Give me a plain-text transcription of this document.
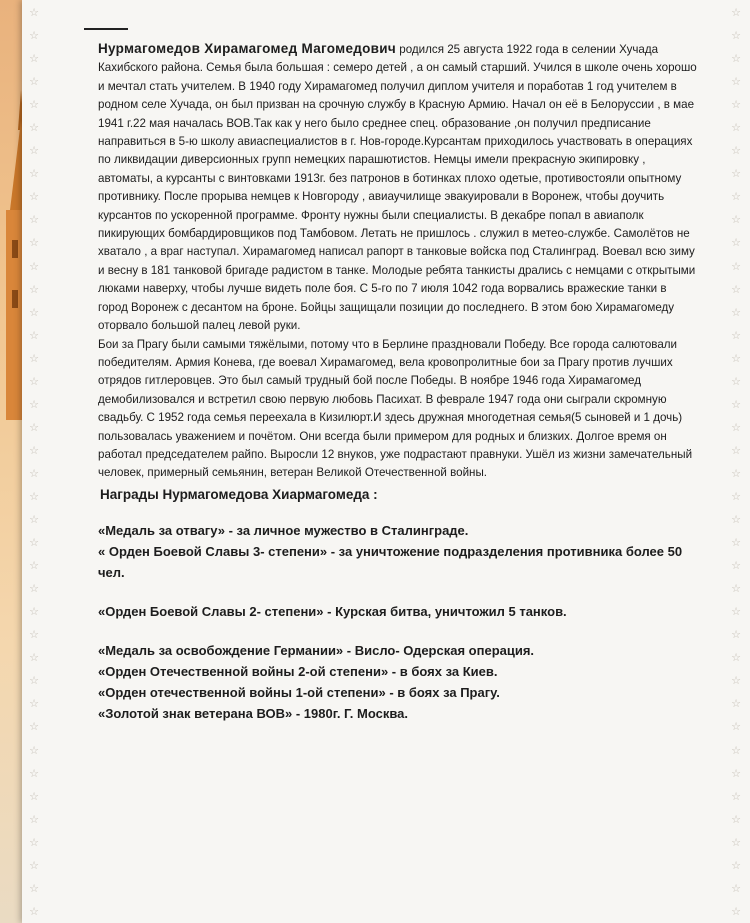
☆
☆
☆
☆
☆
☆
☆
☆
☆
☆
☆
☆
☆
☆
☆
☆
☆
☆
☆
☆
☆
☆
☆
☆
☆
☆
☆
☆
☆
☆
☆
☆
☆
☆
☆
☆
☆
☆
☆
☆
☆
☆
☆
☆
☆
☆
☆
☆
☆
☆
☆
☆
☆
☆
☆
☆
☆
☆
☆
☆
☆
☆
☆
☆
☆
☆
☆
☆
☆
☆
☆
☆
☆
☆
☆
☆
☆
☆
☆
☆

Нурмагомедов Хирамагомед Магомедович родился 25 августа 1922 года в селении Хучада Кахибского района. Семья была большая : семеро детей , а он самый старший. Учился в школе очень хорошо и мечтал стать учителем. В 1940 году Хирамагомед получил диплом учителя и поработав 1 год учителем в родном селе Хучада, он был призван на срочную службу в Красную Армию. Начал он её в Белоруссии , в мае 1941 г.22 мая началась ВОВ.Так как у него было среднее спец. образование ,он получил предписание направиться в 5-ю школу авиаспециалистов в г. Нов-городе.Курсантам приходилось участвовать в операциях по ликвидации диверсионных групп немецких парашютистов. Немцы имели прекрасную экипировку , автоматы, а курсанты с винтовками 1913г. без патронов в ботинках плохо одетые, противостояли опытному противнику. После прорыва немцев к Новгороду , авиаучилище эвакуировали в Воронеж, чтобы доучить курсантов по ускоренной программе. Фронту нужны были специалисты. В декабре попал в авиаполк пикирующих бомбардировщиков под Тамбовом. Летать не пришлось . служил в метео-службе. Самолётов не хватало , а враг наступал. Хирамагомед написал рапорт в танковые войска под Сталинград. Воевал всю зиму и весну в 181 танковой бригаде радистом в танке. Молодые ребята танкисты дрались с немцами с открытыми люками наверху, чтобы лучше видеть поле боя. С 5-го по 7 июля 1042 года ворвались вражеские танки в город Воронеж с десантом на броне. Бойцы защищали позиции до последнего. В этом бою Хирамагомеду оторвало большой палец левой руки.

Бои за Прагу были самыми тяжёлыми, потому что в Берлине праздновали Победу. Все города салютовали победителям. Армия Конева, где воевал Хирамагомед, вела кровопролитные бои за Прагу против лучших отрядов гитлеровцев. Это был самый трудный бой после Победы. В ноябре 1946 года Хирамагомед демобилизовался и встретил свою первую любовь Пасихат. В феврале 1947 года они сыграли скромную свадьбу. С 1952 года семья переехала в Кизилюрт.И здесь дружная многодетная семья(5 сыновей и 1 дочь) пользовалась уважением и почётом. Они всегда были примером для родных и близких. Долгое время он работал председателем райпо. Выросли 12 внуков, уже подрастают правнуки. Ушёл из жизни замечательный человек, примерный семьянин, ветеран Великой Отечественной войны.

Награды Нурмагомедова Хиармагомеда :

«Медаль за отвагу» - за личное мужество в Сталинграде.

« Орден Боевой Славы 3- степени» - за уничтожение подразделения противника более 50 чел.

«Орден Боевой Славы 2- степени» - Курская битва, уничтожил 5 танков.

«Медаль за освобождение Германии» - Висло- Одерская операция.

«Орден Отечественной войны 2-ой степени» - в боях за Киев.

«Орден отечественной войны 1-ой степени» - в боях за Прагу.

«Золотой знак ветерана ВОВ» - 1980г. Г. Москва.
